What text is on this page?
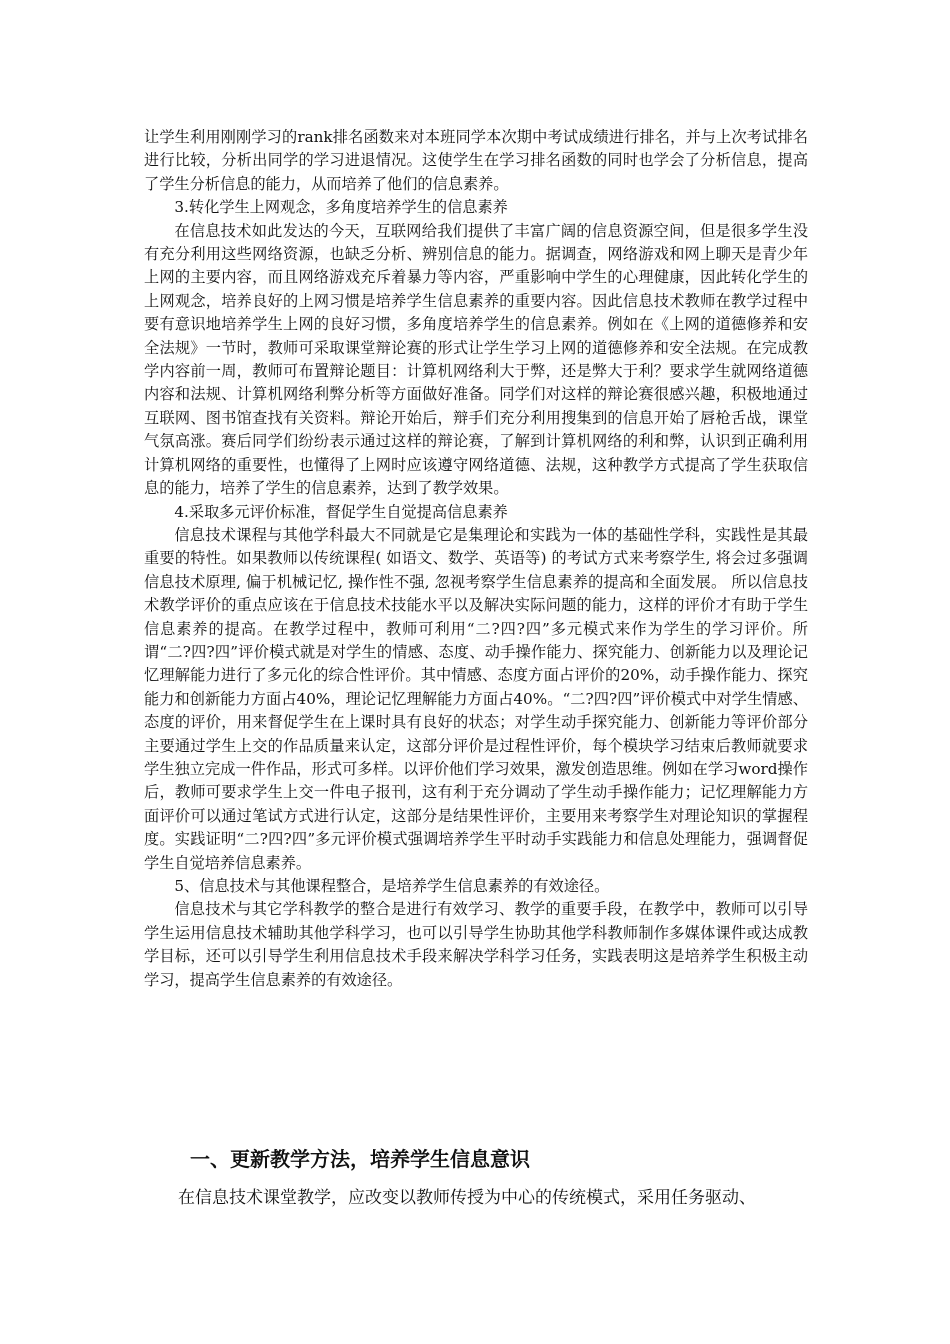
让学生利用刚刚学习的rank排名函数来对本班同学本次期中考试成绩进行排名，并与上次考试排名进行比较，分析出同学的学习进退情况。这使学生在学习排名函数的同时也学会了分析信息，提高了学生分析信息的能力，从而培养了他们的信息素养。

3.转化学生上网观念，多角度培养学生的信息素养

在信息技术如此发达的今天，互联网给我们提供了丰富广阔的信息资源空间，但是很多学生没有充分利用这些网络资源，也缺乏分析、辨别信息的能力。据调查，网络游戏和网上聊天是青少年上网的主要内容，而且网络游戏充斥着暴力等内容，严重影响中学生的心理健康，因此转化学生的上网观念，培养良好的上网习惯是培养学生信息素养的重要内容。因此信息技术教师在教学过程中要有意识地培养学生上网的良好习惯，多角度培养学生的信息素养。例如在《上网的道德修养和安全法规》一节时，教师可采取课堂辩论赛的形式让学生学习上网的道德修养和安全法规。在完成教学内容前一周，教师可布置辩论题目：计算机网络利大于弊，还是弊大于利？要求学生就网络道德内容和法规、计算机网络利弊分析等方面做好准备。同学们对这样的辩论赛很感兴趣，积极地通过互联网、图书馆查找有关资料。辩论开始后，辩手们充分利用搜集到的信息开始了唇枪舌战，课堂气氛高涨。赛后同学们纷纷表示通过这样的辩论赛，了解到计算机网络的利和弊，认识到正确利用计算机网络的重要性，也懂得了上网时应该遵守网络道德、法规，这种教学方式提高了学生获取信息的能力，培养了学生的信息素养，达到了教学效果。

4.采取多元评价标准，督促学生自觉提高信息素养

信息技术课程与其他学科最大不同就是它是集理论和实践为一体的基础性学科，实践性是其最重要的特性。如果教师以传统课程( 如语文、数学、英语等) 的考试方式来考察学生, 将会过多强调信息技术原理, 偏于机械记忆, 操作性不强, 忽视考察学生信息素养的提高和全面发展。 所以信息技术教学评价的重点应该在于信息技术技能水平以及解决实际问题的能力，这样的评价才有助于学生信息素养的提高。在教学过程中，教师可利用“二?四?四”多元模式来作为学生的学习评价。所谓“二?四?四”评价模式就是对学生的情感、态度、动手操作能力、探究能力、创新能力以及理论记忆理解能力进行了多元化的综合性评价。其中情感、态度方面占评价的20%，动手操作能力、探究能力和创新能力方面占40%，理论记忆理解能力方面占40%。“二?四?四”评价模式中对学生情感、态度的评价，用来督促学生在上课时具有良好的状态；对学生动手探究能力、创新能力等评价部分主要通过学生上交的作品质量来认定，这部分评价是过程性评价，每个模块学习结束后教师就要求学生独立完成一件作品，形式可多样。以评价他们学习效果，激发创造思维。例如在学习word操作后，教师可要求学生上交一件电子报刊，这有利于充分调动了学生动手操作能力；记忆理解能力方面评价可以通过笔试方式进行认定，这部分是结果性评价，主要用来考察学生对理论知识的掌握程度。实践证明“二?四?四”多元评价模式强调培养学生平时动手实践能力和信息处理能力，强调督促学生自觉培养信息素养。

5、信息技术与其他课程整合，是培养学生信息素养的有效途径。

信息技术与其它学科教学的整合是进行有效学习、教学的重要手段，在教学中，教师可以引导学生运用信息技术辅助其他学科学习，也可以引导学生协助其他学科教师制作多媒体课件或达成教学目标，还可以引导学生利用信息技术手段来解决学科学习任务，实践表明这是培养学生积极主动学习，提高学生信息素养的有效途径。

一、更新教学方法，培养学生信息意识
在信息技术课堂教学，应改变以教师传授为中心的传统模式，采用任务驱动、
